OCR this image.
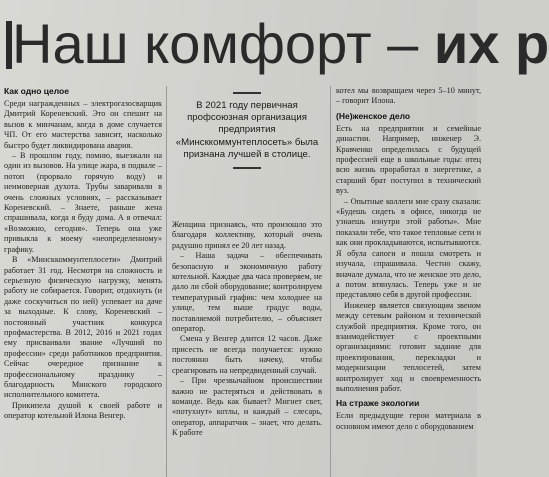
Наш комфорт – их р
Как одно целое

Среди награжденных – электрогазосварщик Дмитрий Кореневский. Это он спешит на вызов к минчанам, когда в доме случается ЧП. От его мастерства зависит, насколько быстро будет ликвидирована авария.

– В прошлом году, помню, выезжали на один из вызовов. На улице жара, в подвале – потоп (прорвало горячую воду) и неимоверная духота. Трубы заваривали в очень сложных условиях, – рассказывает Кореневский. – Знаете, раньше жена спрашивала, когда я буду дома. А я отвечал: «Возможно, сегодня». Теперь она уже привыкла к моему «неопределенному» графику.

В «Минсккоммунтеплосети» Дмитрий работает 31 год. Несмотря на сложность и серьезную физическую нагрузку, менять работу не собирается. Говорит, отдохнуть (и даже соскучиться по ней) успевает на даче за выходные. К слову, Кореневский – постоянный участник конкурса профмастерства. В 2012, 2016 и 2021 годах ему присваивали звание «Лучший по профессии» среди работников предприятия. Сейчас очередное признание к профессиональному празднику – благодарность Минского городского исполнительного комитета.

Прикипела душой к своей работе и оператор котельной Илона Венгер.

В 2021 году первичная профсоюзная организация предприятия «Минсккоммунтеплосеть» была признана лучшей в столице.

Женщина признаясь, что произошло это благодаря коллективу, который очень радушно принял ее 20 лет назад.

– Наша задача – обеспечивать безопасную и экономичную работу котельной. Каждые два часа проверяем, не дало ли сбой оборудование; контролируем температурный график: чем холоднее на улице, тем выше градус воды, поставляемой потребителю, – объясняет оператор.

Смена у Венгер длится 12 часов. Даже присесть не всегда получается: нужно постоянно быть начеку, чтобы среагировать на непредвиденный случай.

– При чрезвычайном происшествии важно не растеряться и действовать в команде. Ведь как бывает? Мигнет свет, «потухнут» котлы, и каждый – слесарь, оператор, аппаратчик – знает, что делать. К работе

котел мы возвращаем через 5–10 минут, – говорит Илона.

(Не)женское дело

Есть на предприятии и семейные династии. Например, инженер Э. Кравченко определилась с будущей профессией еще в школьные годы: отец всю жизнь проработал в энергетике, а старший брат поступил в технический вуз.

– Опытные коллеги мне сразу сказали: «Будешь сидеть в офисе, никогда не узнаешь изнутри этой работы». Мне показали тебе, что такое тепловые сети и как они прокладываются, испытываются. Я обула сапоги и пошла смотреть и изучала, спрашивала. Честно скажу, вначале думала, что не женское это дело, а потом втянулась. Теперь уже и не представляю себя в другой профессии.

Инженер является связующим звеном между сетевым районом и технической службой предприятия. Кроме того, он взаимодействует с проектными организациями: готовит задание для проектирования, перекладки и модернизации теплосетей, затем контролирует ход и своевременность выполнения работ.

На страже экологии

Если предыдущие герои материала в основном имеют дело с оборудованием
